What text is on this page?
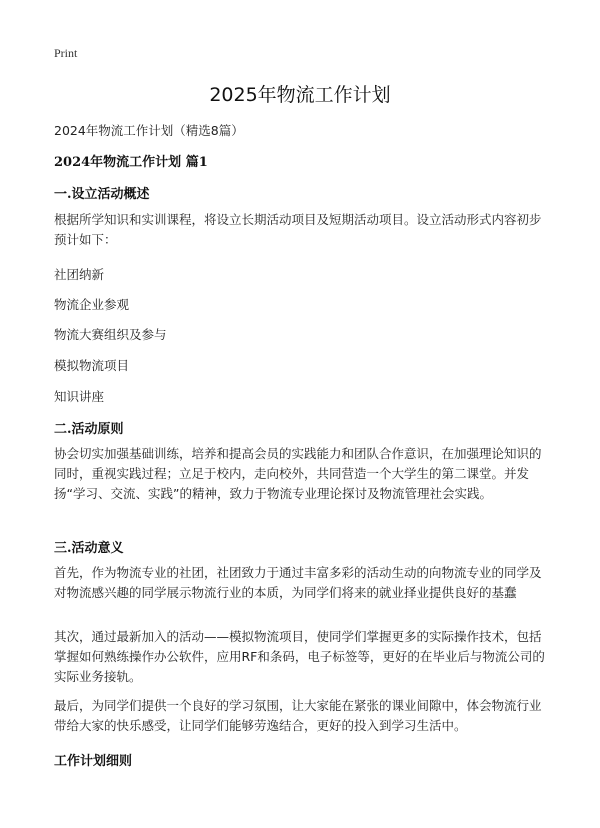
Print
2025年物流工作计划
2024年物流工作计划（精选8篇）
2024年物流工作计划 篇1
一.设立活动概述

根据所学知识和实训课程，将设立长期活动项目及短期活动项目。设立活动形式内容初步预计如下：

社团纳新
物流企业参观
物流大赛组织及参与
模拟物流项目
知识讲座
二.活动原则

协会切实加强基础训练，培养和提高会员的实践能力和团队合作意识，在加强理论知识的同时，重视实践过程；立足于校内，走向校外，共同营造一个大学生的第二课堂。并发扬“学习、交流、实践”的精神，致力于物流专业理论探讨及物流管理社会实践。

三.活动意义

首先，作为物流专业的社团，社团致力于通过丰富多彩的活动生动的向物流专业的同学及对物流感兴趣的同学展示物流行业的本质，为同学们将来的就业择业提供良好的基蠢

其次，通过最新加入的活动——模拟物流项目，使同学们掌握更多的实际操作技术，包括掌握如何熟练操作办公软件，应用RF和条码，电子标签等，更好的在毕业后与物流公司的实际业务接轨。

最后，为同学们提供一个良好的学习氛围，让大家能在紧张的课业间隙中，体会物流行业带给大家的快乐感受，让同学们能够劳逸结合，更好的投入到学习生活中。

工作计划细则
